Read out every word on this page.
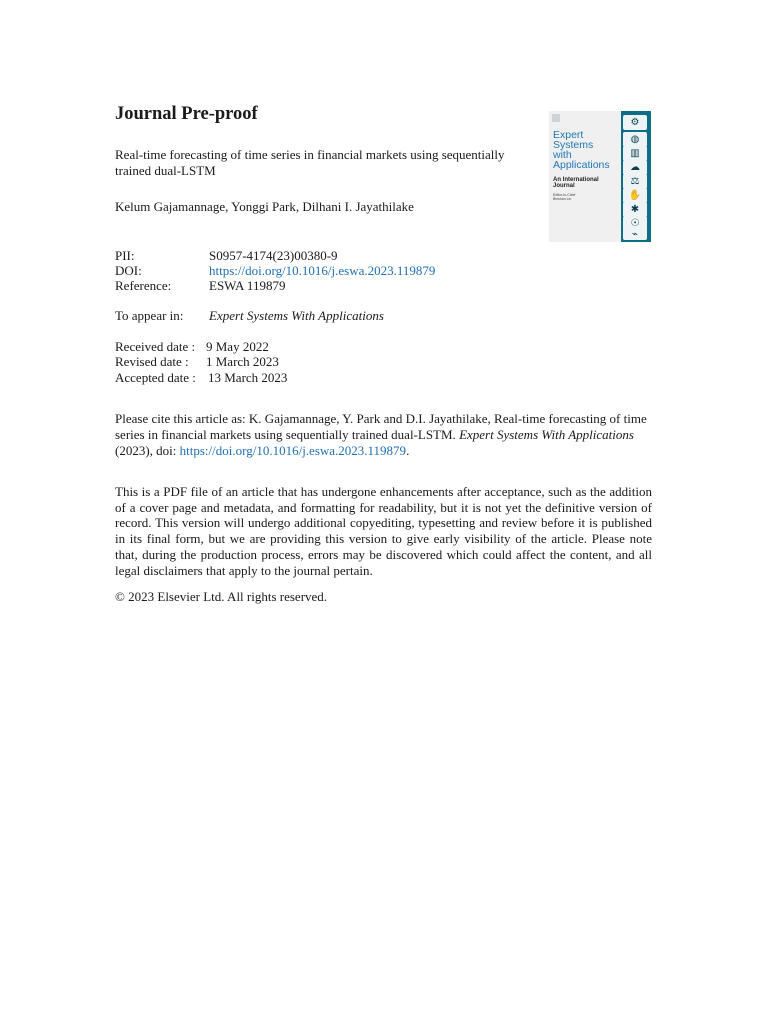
Journal Pre-proof
Real-time forecasting of time series in financial markets using sequentially trained dual-LSTM
Kelum Gajamannage, Yonggi Park, Dilhani I. Jayathilake
Expert
Systems
with
Applications
An International
Journal
Editor-in-Chief
Binshan Lin
⚙
◍
▥
☁
⚖
✋
✱
☉
⌁
PII:	S0957-4174(23)00380-9
DOI:	https://doi.org/10.1016/j.eswa.2023.119879
Reference:	ESWA 119879
To appear in: Expert Systems With Applications
Received date : 9 May 2022
Revised date : 1 March 2023
Accepted date : 13 March 2023
Please cite this article as: K. Gajamannage, Y. Park and D.I. Jayathilake, Real-time forecasting of time series in financial markets using sequentially trained dual-LSTM. Expert Systems With Applications (2023), doi: https://doi.org/10.1016/j.eswa.2023.119879.
This is a PDF file of an article that has undergone enhancements after acceptance, such as the addition of a cover page and metadata, and formatting for readability, but it is not yet the definitive version of record. This version will undergo additional copyediting, typesetting and review before it is published in its final form, but we are providing this version to give early visibility of the article. Please note that, during the production process, errors may be discovered which could affect the content, and all legal disclaimers that apply to the journal pertain.
© 2023 Elsevier Ltd. All rights reserved.
